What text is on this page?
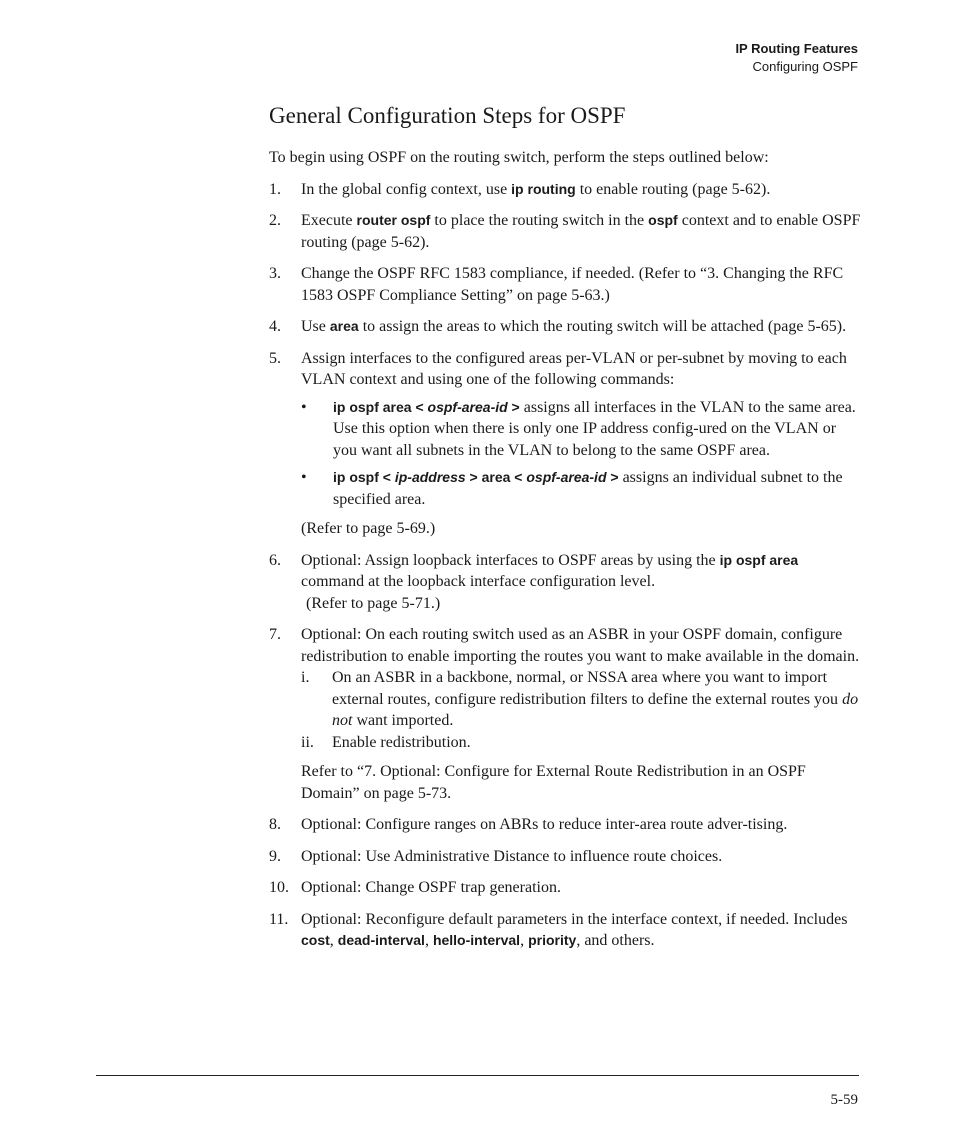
IP Routing Features
Configuring OSPF
General Configuration Steps for OSPF

To begin using OSPF on the routing switch, perform the steps outlined below:

1. In the global config context, use ip routing to enable routing (page 5-62).
2. Execute router ospf to place the routing switch in the ospf context and to enable OSPF routing (page 5-62).
3. Change the OSPF RFC 1583 compliance, if needed. (Refer to “3. Changing the RFC 1583 OSPF Compliance Setting” on page 5-63.)
4. Use area to assign the areas to which the routing switch will be attached (page 5-65).
5. Assign interfaces to the configured areas per-VLAN or per-subnet by moving to each VLAN context and using one of the following commands:
• ip ospf area < ospf-area-id > assigns all interfaces in the VLAN to the same area. Use this option when there is only one IP address config-ured on the VLAN or you want all subnets in the VLAN to belong to the same OSPF area.
• ip ospf < ip-address > area < ospf-area-id > assigns an individual subnet to the specified area.

(Refer to page 5-69.)

6. Optional: Assign loopback interfaces to OSPF areas by using the ip ospf area command at the loopback interface configuration level.
(Refer to page 5-71.)
7. Optional: On each routing switch used as an ASBR in your OSPF domain, configure redistribution to enable importing the routes you want to make available in the domain.
i. On an ASBR in a backbone, normal, or NSSA area where you want to import external routes, configure redistribution filters to define the external routes you do not want imported.
ii. Enable redistribution.

Refer to “7. Optional: Configure for External Route Redistribution in an OSPF Domain” on page 5-73.

8. Optional: Configure ranges on ABRs to reduce inter-area route adver-tising.
9. Optional: Use Administrative Distance to influence route choices.
10. Optional: Change OSPF trap generation.
11. Optional: Reconfigure default parameters in the interface context, if needed. Includes cost, dead-interval, hello-interval, priority, and others.
5-59
